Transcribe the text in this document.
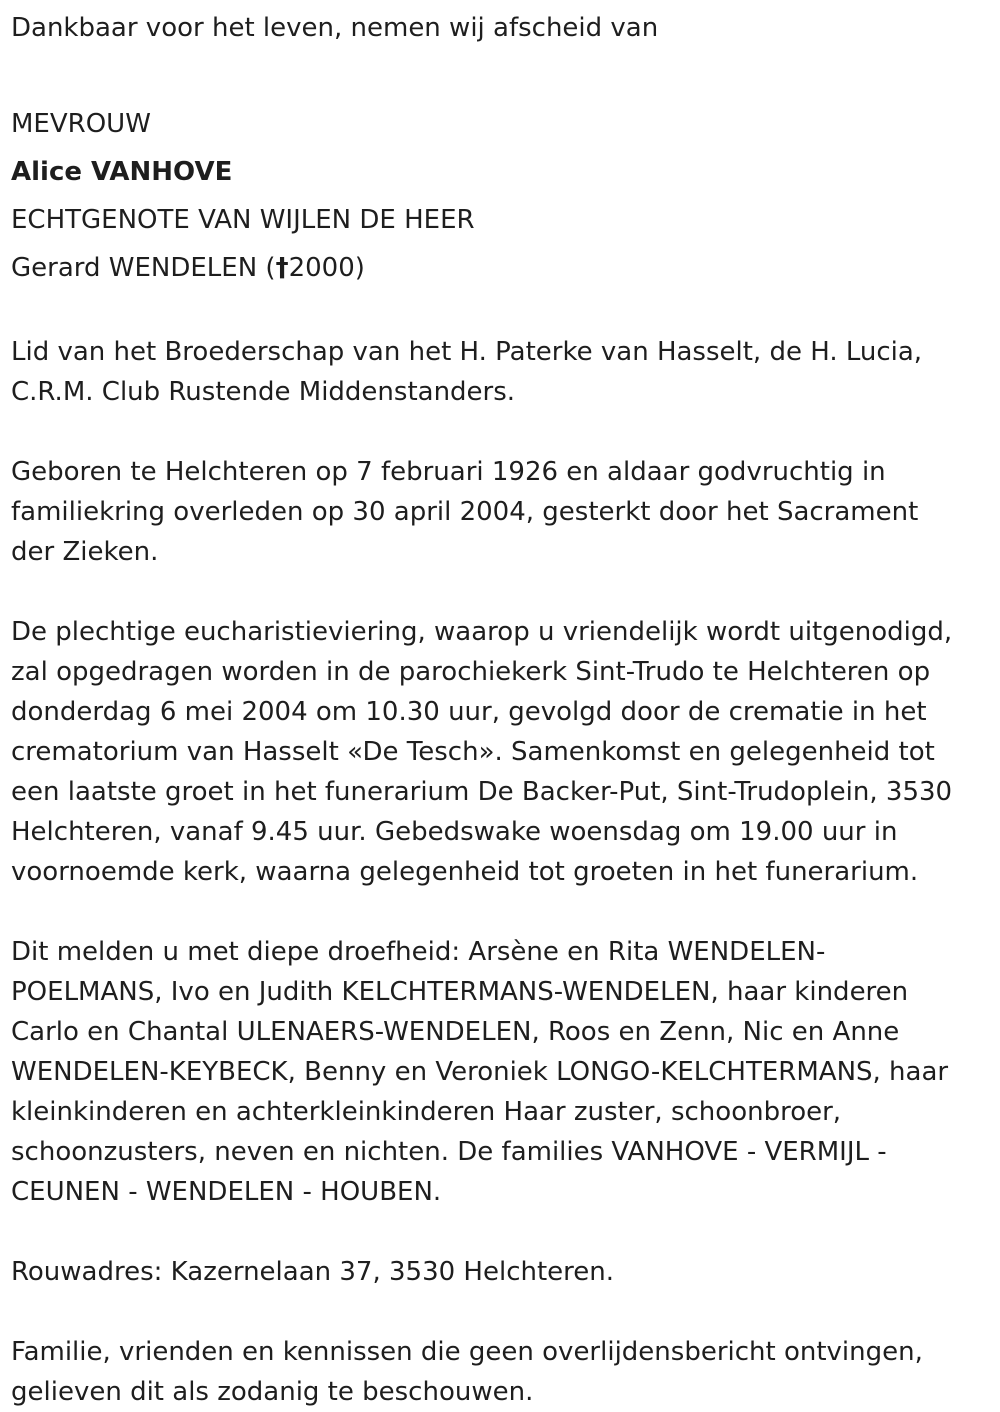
Dankbaar voor het leven, nemen wij afscheid van
MEVROUW
Alice VANHOVE
ECHTGENOTE VAN WIJLEN DE HEER
Gerard WENDELEN (†2000)
Lid van het Broederschap van het H. Paterke van Hasselt, de H. Lucia,
C.R.M. Club Rustende Middenstanders.
Geboren te Helchteren op 7 februari 1926 en aldaar godvruchtig in
familiekring overleden op 30 april 2004, gesterkt door het Sacrament
der Zieken.
De plechtige eucharistieviering, waarop u vriendelijk wordt uitgenodigd,
zal opgedragen worden in de parochiekerk Sint-Trudo te Helchteren op
donderdag 6 mei 2004 om 10.30 uur, gevolgd door de crematie in het
crematorium van Hasselt «De Tesch». Samenkomst en gelegenheid tot
een laatste groet in het funerarium De Backer-Put, Sint-Trudoplein, 3530
Helchteren, vanaf 9.45 uur. Gebedswake woensdag om 19.00 uur in
voornoemde kerk, waarna gelegenheid tot groeten in het funerarium.
Dit melden u met diepe droefheid: Arsène en Rita WENDELEN-
POELMANS, Ivo en Judith KELCHTERMANS-WENDELEN, haar kinderen
Carlo en Chantal ULENAERS-WENDELEN, Roos en Zenn, Nic en Anne
WENDELEN-KEYBECK, Benny en Veroniek LONGO-KELCHTERMANS, haar
kleinkinderen en achterkleinkinderen Haar zuster, schoonbroer,
schoonzusters, neven en nichten. De families VANHOVE - VERMIJL -
CEUNEN - WENDELEN - HOUBEN.
Rouwadres: Kazernelaan 37, 3530 Helchteren.
Familie, vrienden en kennissen die geen overlijdensbericht ontvingen,
gelieven dit als zodanig te beschouwen.
